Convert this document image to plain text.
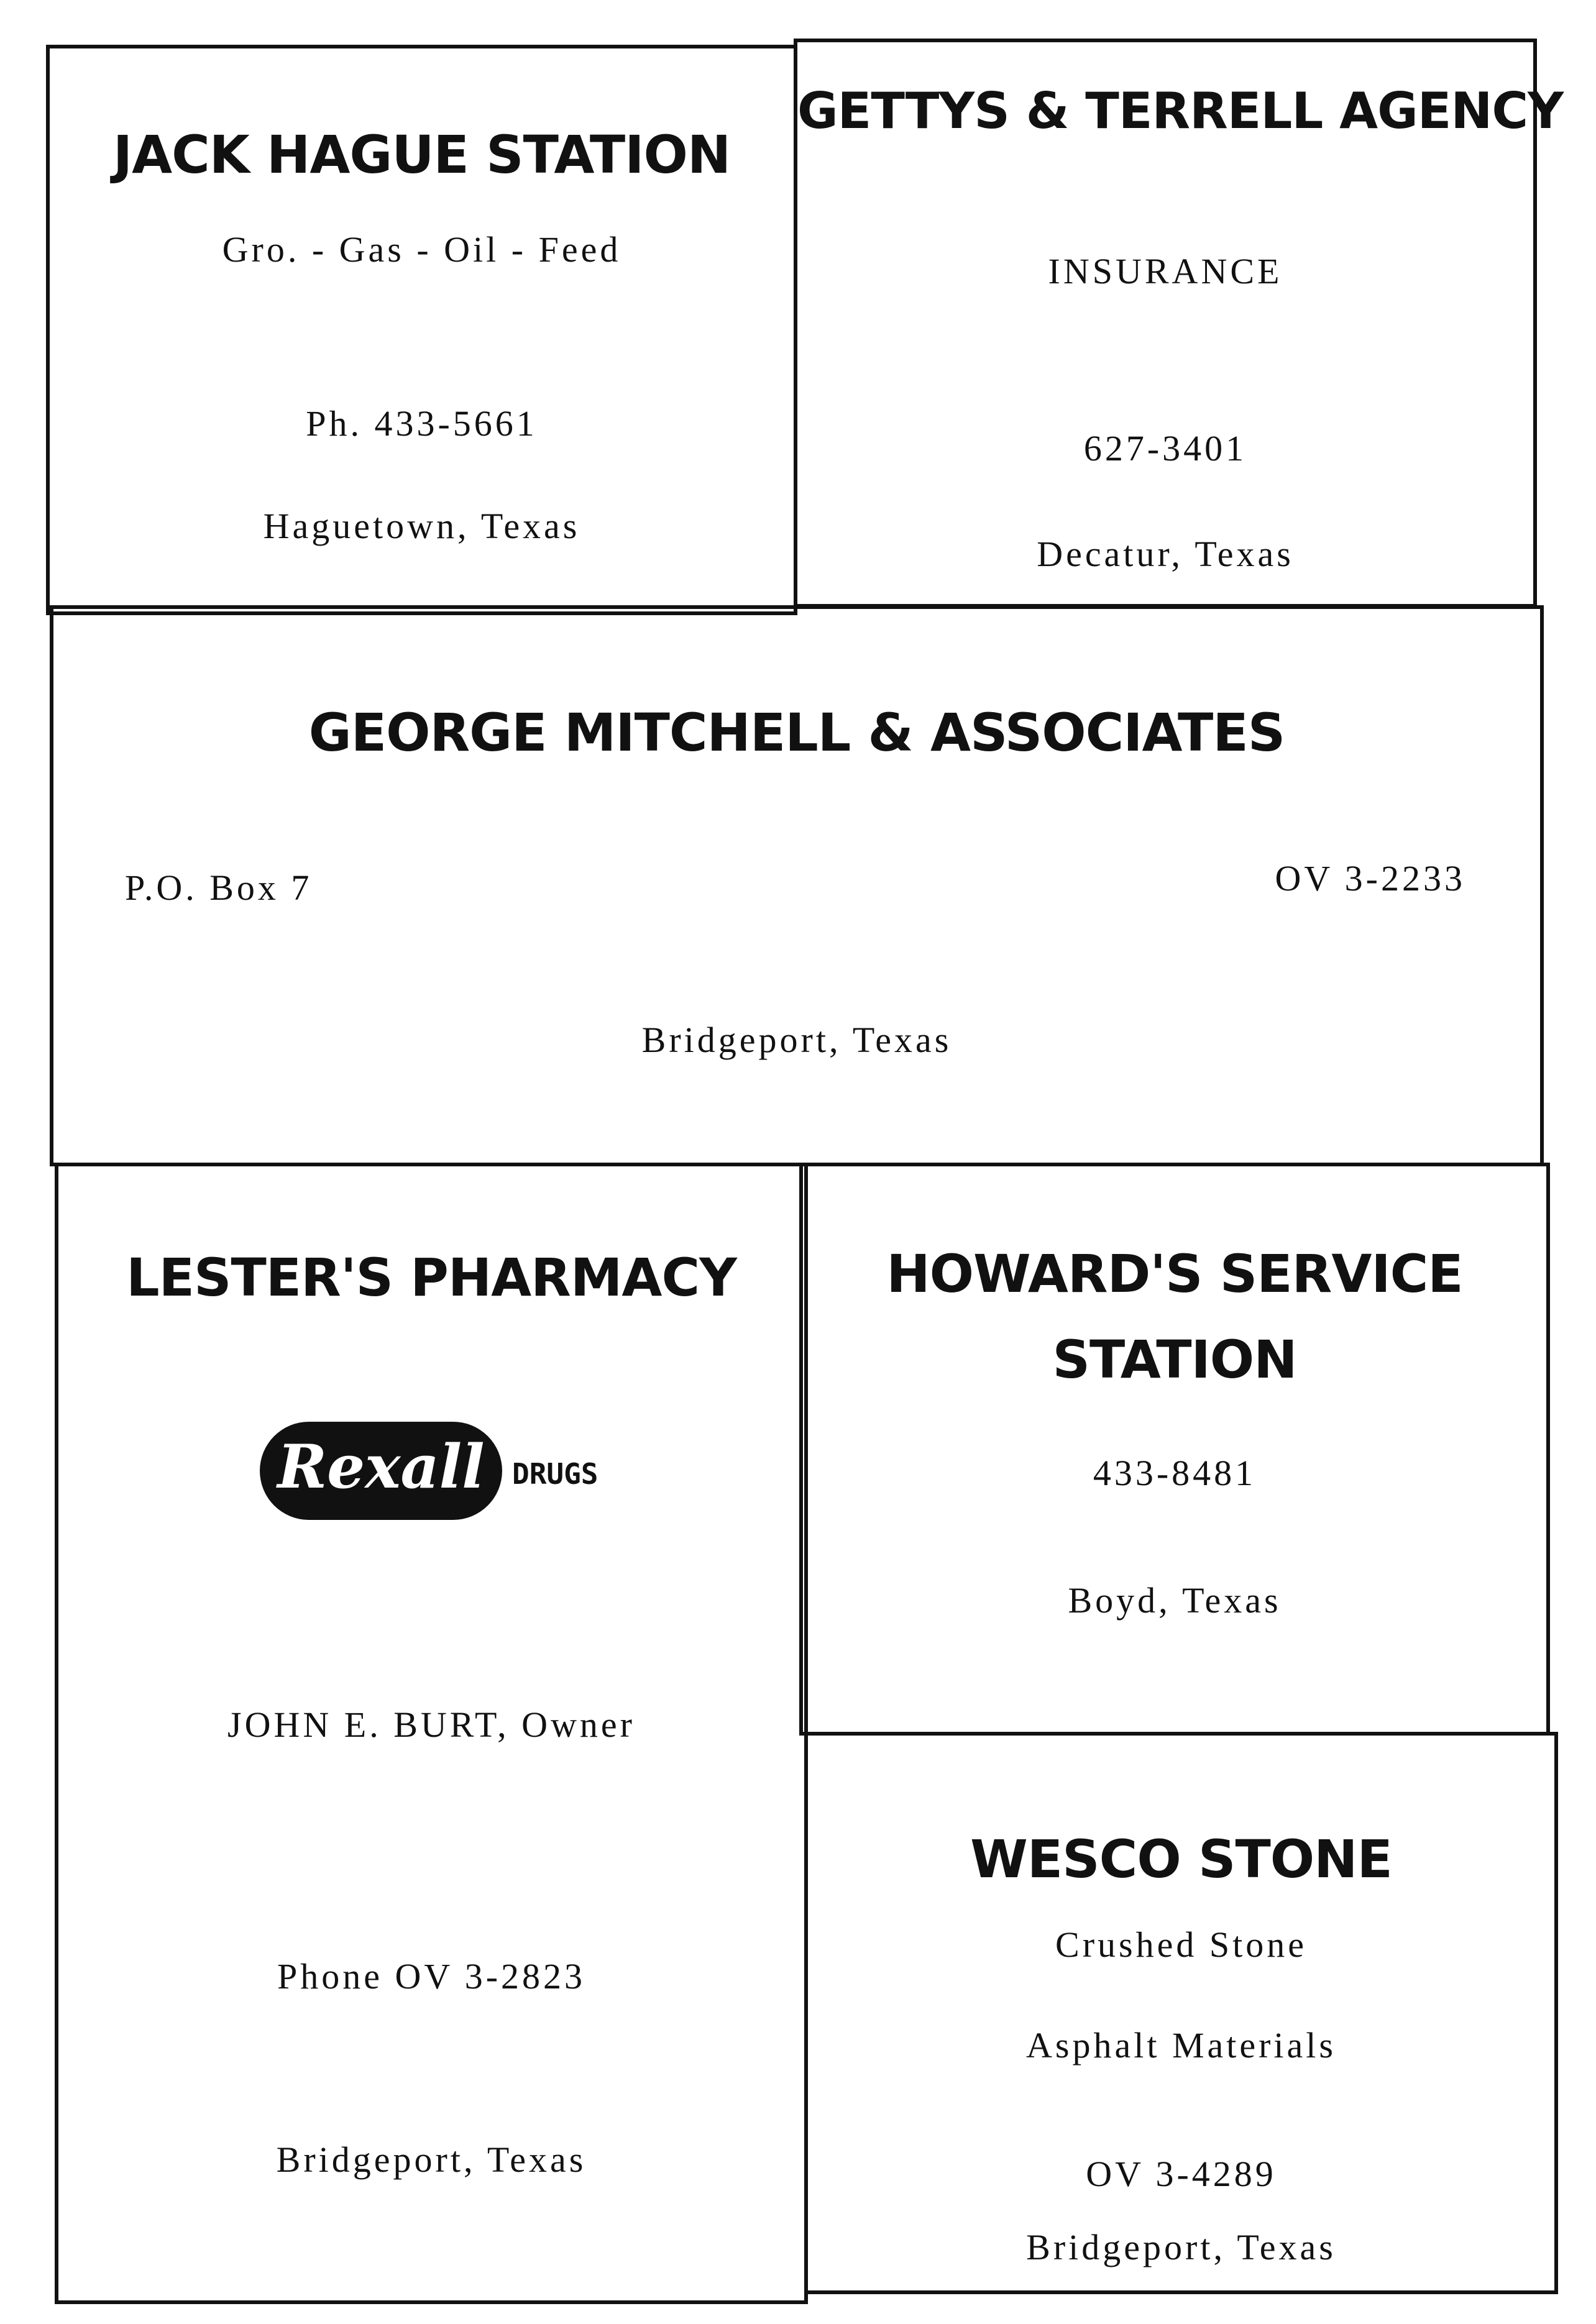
JACK HAGUE STATION
Gro. - Gas - Oil - Feed
Ph. 433-5661
Haguetown, Texas
GETTYS & TERRELL AGENCY
INSURANCE
627-3401
Decatur, Texas
GEORGE MITCHELL & ASSOCIATES
P.O. Box 7	OV 3-2233
Bridgeport, Texas
LESTER'S PHARMACY
Rexall DRUGS
JOHN E. BURT, Owner
Phone OV 3-2823
Bridgeport, Texas
HOWARD'S SERVICE
STATION
433-8481
Boyd, Texas
WESCO STONE
Crushed Stone
Asphalt Materials
OV 3-4289
Bridgeport, Texas
